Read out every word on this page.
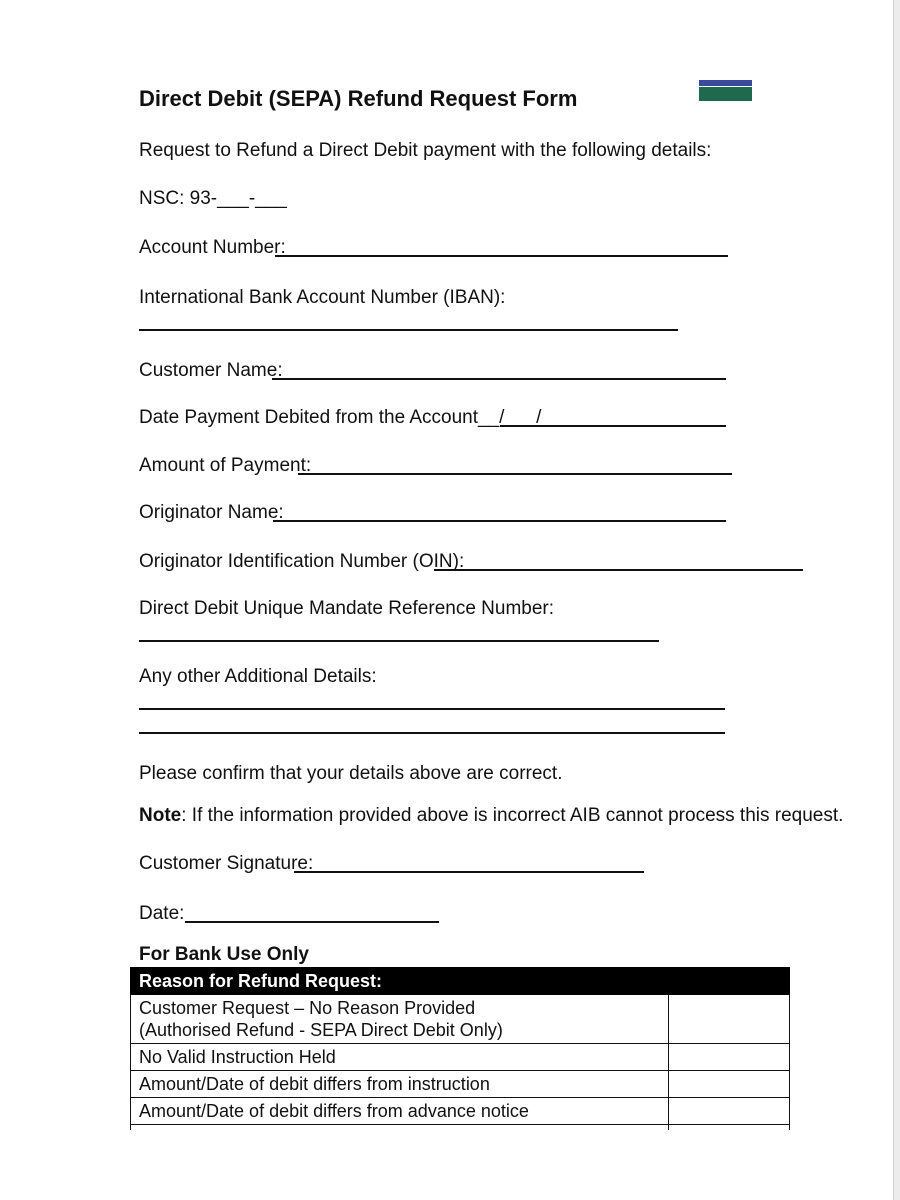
Direct Debit (SEPA) Refund Request Form
Request to Refund a Direct Debit payment with the following details:
NSC: 93-___-___
Account Number:
International Bank Account Number (IBAN):
Customer Name:
Date Payment Debited from the Account__/___/
Amount of Payment:
Originator Name:
Originator Identification Number (OIN):
Direct Debit Unique Mandate Reference Number:
Any other Additional Details:
Please confirm that your details above are correct.
Note: If the information provided above is incorrect AIB cannot process this request.
Customer Signature:
Date:
For Bank Use Only
Reason for Refund Request:	

Customer Request – No Reason Provided
(Authorised Refund - SEPA Direct Debit Only)	

No Valid Instruction Held	
Amount/Date of debit differs from instruction	
Amount/Date of debit differs from advance notice	
